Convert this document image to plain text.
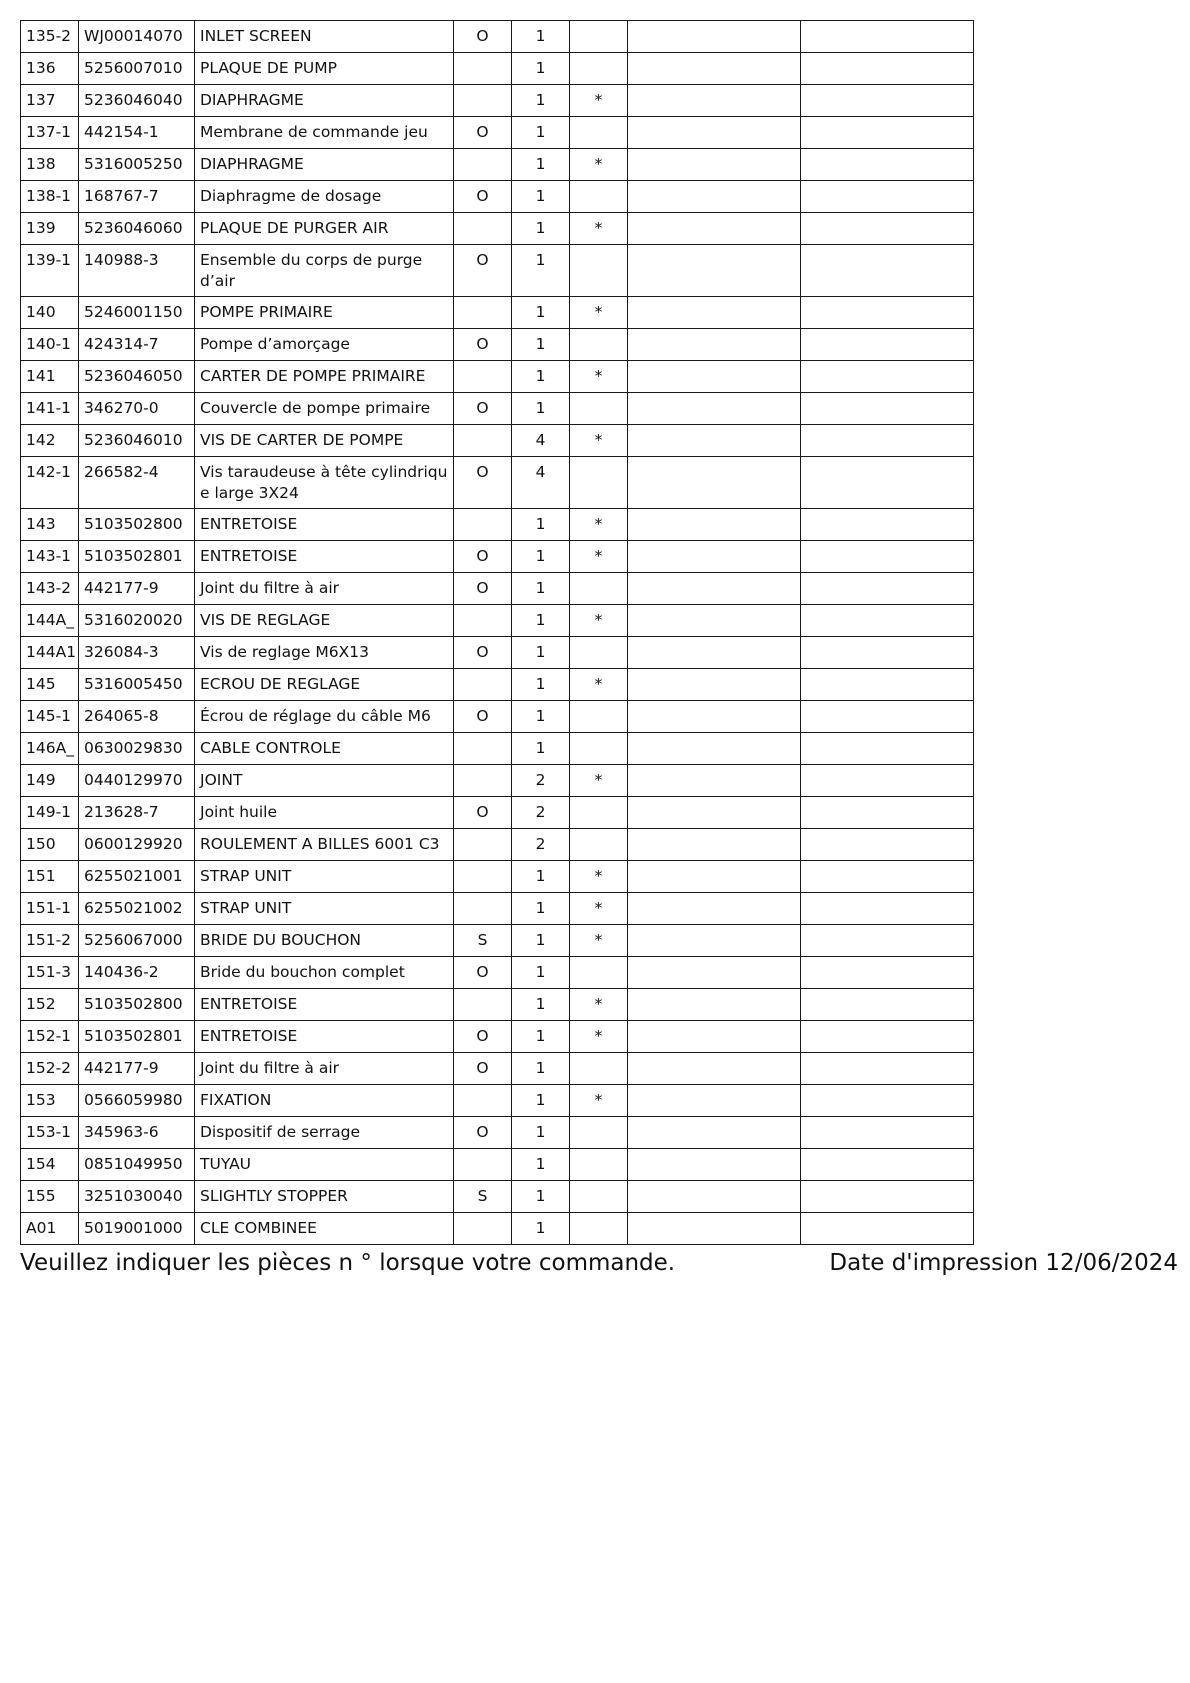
135-2	WJ00014070	INLET SCREEN	O	1			
136	5256007010	PLAQUE DE PUMP		1			
137	5236046040	DIAPHRAGME		1	*		
137-1	442154-1	Membrane de commande jeu	O	1			
138	5316005250	DIAPHRAGME		1	*		
138-1	168767-7	Diaphragme de dosage	O	1			
139	5236046060	PLAQUE DE PURGER AIR		1	*		
139-1	140988-3	Ensemble du corps de purge d’air	O	1			
140	5246001150	POMPE PRIMAIRE		1	*		
140-1	424314-7	Pompe d’amorçage	O	1			
141	5236046050	CARTER DE POMPE PRIMAIRE		1	*		
141-1	346270-0	Couvercle de pompe primaire	O	1			
142	5236046010	VIS DE CARTER DE POMPE		4	*		
142-1	266582-4	Vis taraudeuse à tête cylindrique large 3X24	O	4			
143	5103502800	ENTRETOISE		1	*		
143-1	5103502801	ENTRETOISE	O	1	*		
143-2	442177-9	Joint du filtre à air	O	1			
144A_	5316020020	VIS DE REGLAGE		1	*		
144A1	326084-3	Vis de reglage M6X13	O	1			
145	5316005450	ECROU DE REGLAGE		1	*		
145-1	264065-8	Écrou de réglage du câble M6	O	1			
146A_	0630029830	CABLE CONTROLE		1			
149	0440129970	JOINT		2	*		
149-1	213628-7	Joint huile	O	2			
150	0600129920	ROULEMENT A BILLES 6001 C3		2			
151	6255021001	STRAP UNIT		1	*		
151-1	6255021002	STRAP UNIT		1	*		
151-2	5256067000	BRIDE DU BOUCHON	S	1	*		
151-3	140436-2	Bride du bouchon complet	O	1			
152	5103502800	ENTRETOISE		1	*		
152-1	5103502801	ENTRETOISE	O	1	*		
152-2	442177-9	Joint du filtre à air	O	1			
153	0566059980	FIXATION		1	*		
153-1	345963-6	Dispositif de serrage	O	1			
154	0851049950	TUYAU		1			
155	3251030040	SLIGHTLY STOPPER	S	1			
A01	5019001000	CLE COMBINEE		1			
Veuillez indiquer les pièces n ° lorsque votre commande.	Date d'impression 12/06/2024
